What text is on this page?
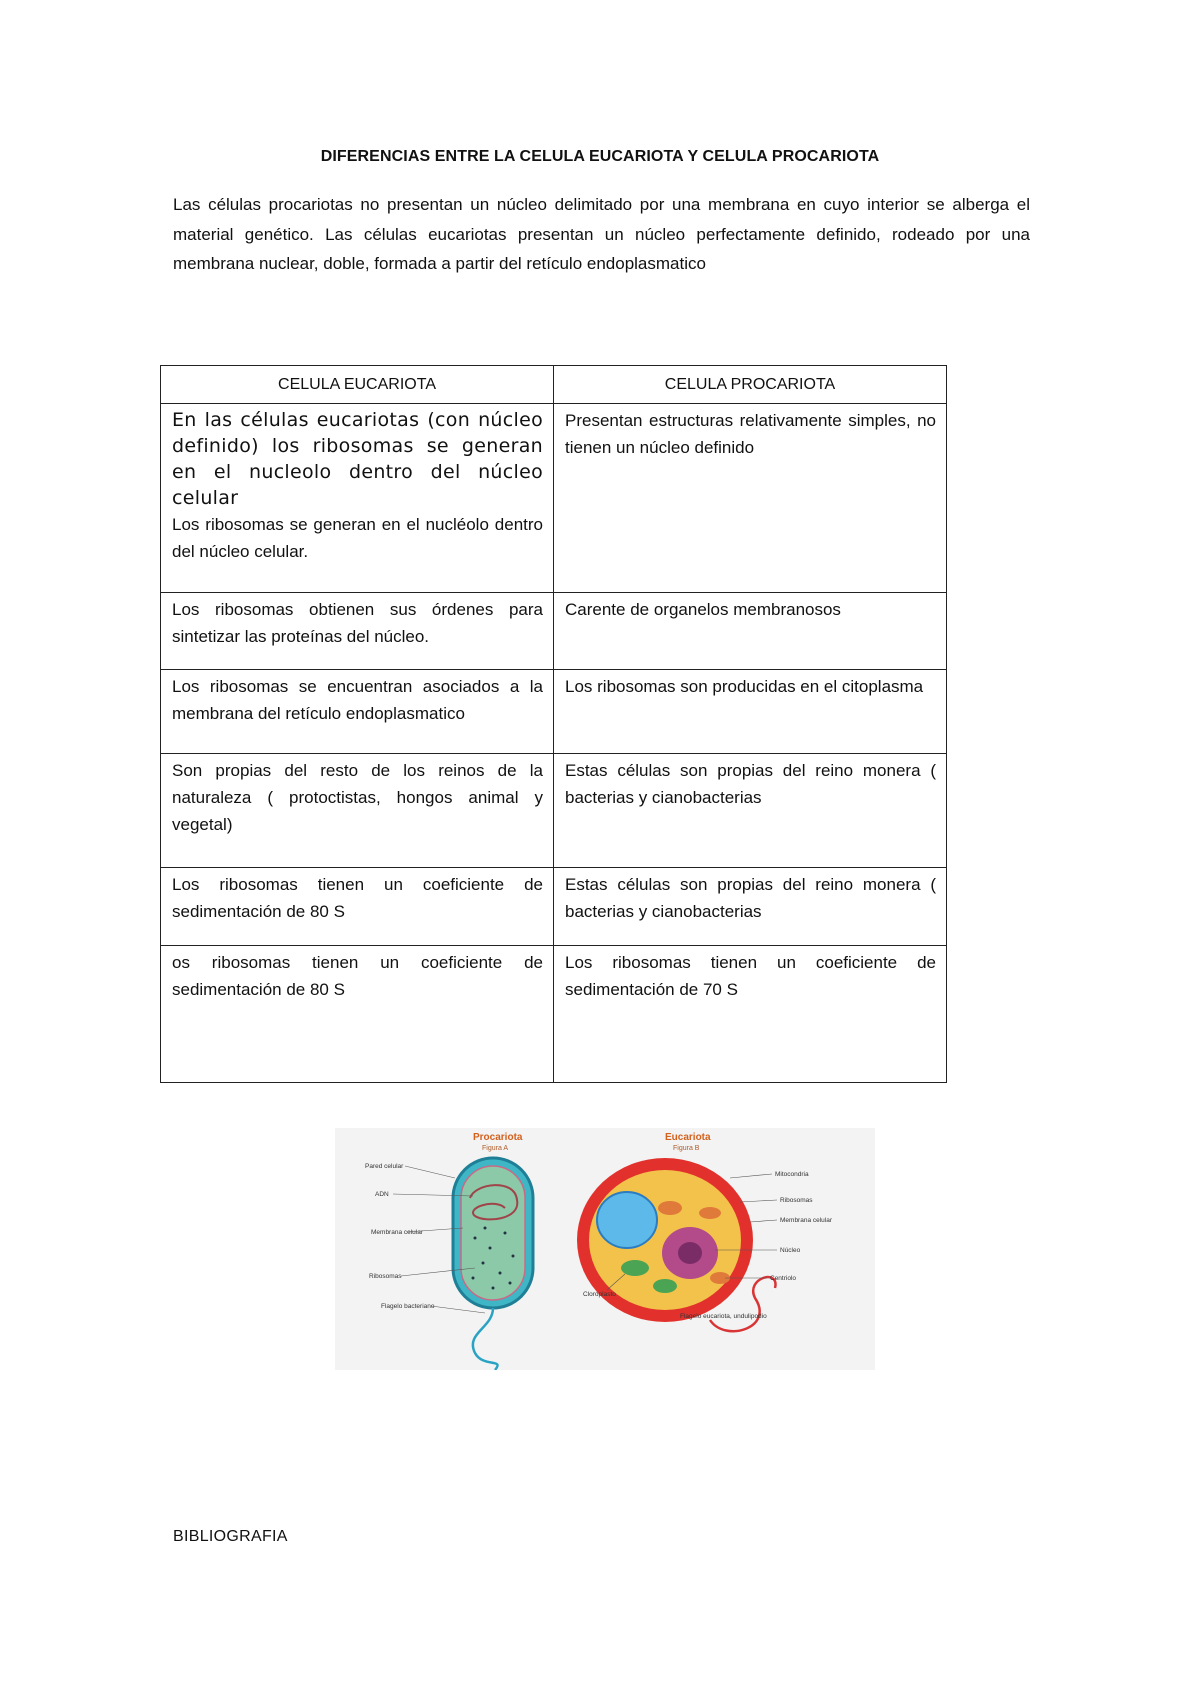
DIFERENCIAS ENTRE LA CELULA EUCARIOTA Y CELULA PROCARIOTA
Las células procariotas no presentan un núcleo delimitado por una membrana en cuyo interior se alberga el material genético. Las células eucariotas presentan un núcleo perfectamente definido, rodeado por una membrana nuclear, doble, formada a partir del retículo endoplasmatico
CELULA EUCARIOTA	CELULA PROCARIOTA

En las células eucariotas (con núcleo definido) los ribosomas se generan en el nucleolo dentro del núcleo celular
Los ribosomas se generan en el nucléolo dentro del núcleo celular.	Presentan estructuras relativamente simples, no tienen un núcleo definido
Los ribosomas obtienen sus órdenes para sintetizar las proteínas del núcleo.	Carente de organelos membranosos
Los ribosomas se encuentran asociados a la membrana del retículo endoplasmatico	Los ribosomas son producidas en el citoplasma
Son propias del resto de los reinos de la naturaleza ( protoctistas, hongos animal y vegetal)	Estas células son propias del reino monera ( bacterias y cianobacterias
Los ribosomas tienen un coeficiente de sedimentación de 80 S	Estas células son propias del reino monera ( bacterias y cianobacterias
os ribosomas tienen un coeficiente de sedimentación de 80 S	Los ribosomas tienen un coeficiente de sedimentación de 70 S
Procariota
Figura A
Pared celular
ADN
Membrana celular
Ribosomas
Flagelo bacteriano
Eucariota
Figura B
Mitocondria
Ribosomas
Membrana celular
Núcleo
Centriolo
Flagelo eucariota, undulipodio
Cloroplasto
BIBLIOGRAFIA
